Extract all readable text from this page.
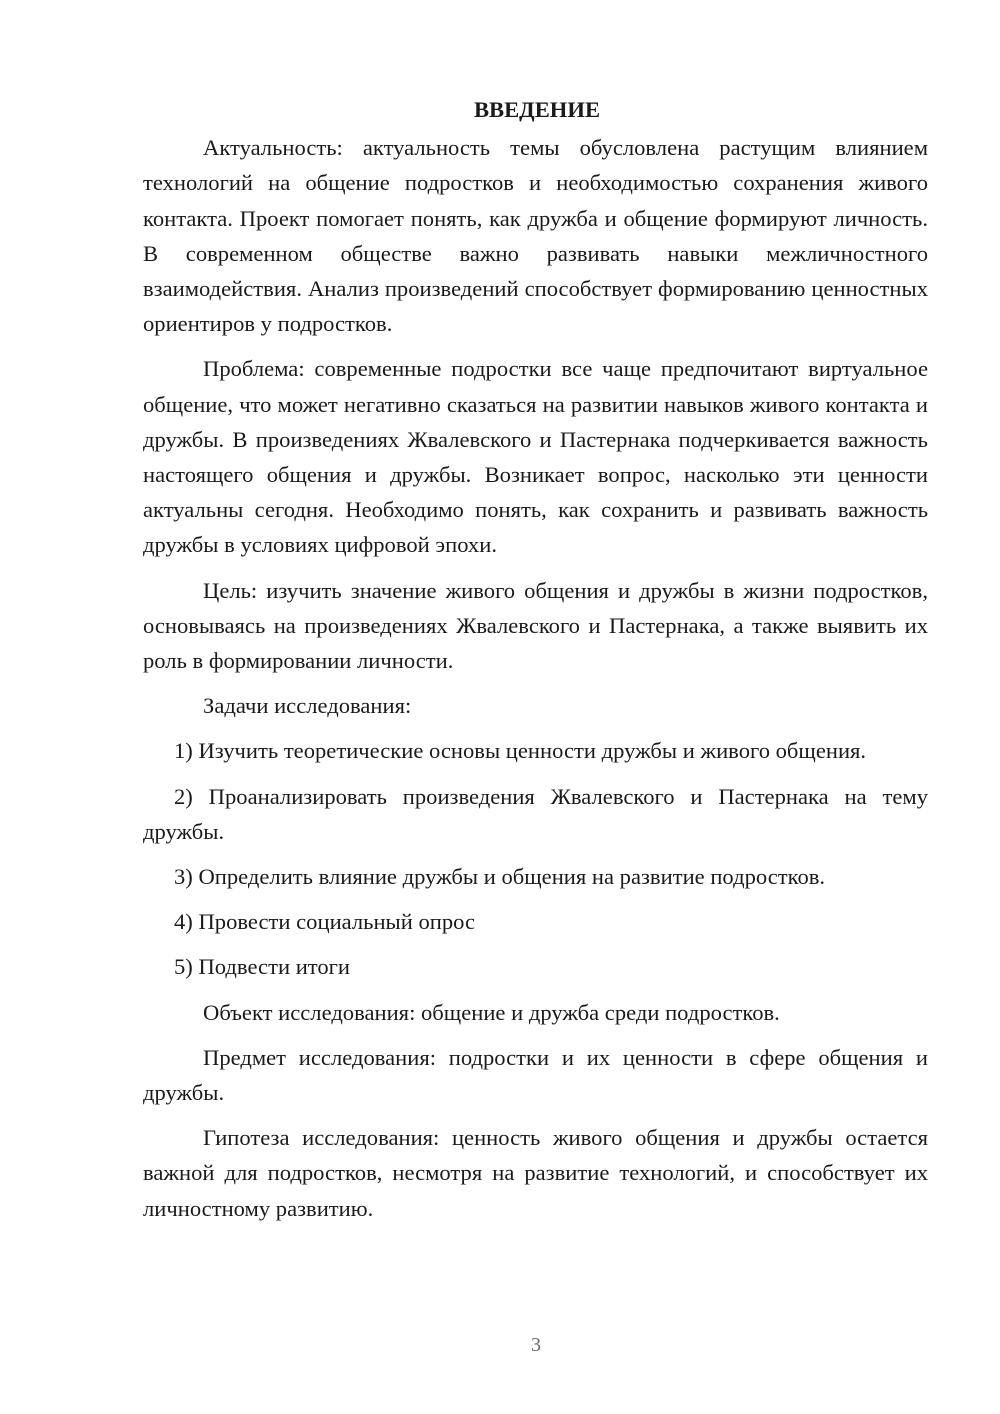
ВВЕДЕНИЕ

Актуальность: актуальность темы обусловлена растущим влиянием технологий на общение подростков и необходимостью сохранения живого контакта. Проект помогает понять, как дружба и общение формируют личность. В современном обществе важно развивать навыки межличностного взаимодействия. Анализ произведений способствует формированию ценностных ориентиров у подростков.

Проблема: современные подростки все чаще предпочитают виртуальное общение, что может негативно сказаться на развитии навыков живого контакта и дружбы. В произведениях Жвалевского и Пастернака подчеркивается важность настоящего общения и дружбы. Возникает вопрос, насколько эти ценности актуальны сегодня. Необходимо понять, как сохранить и развивать важность дружбы в условиях цифровой эпохи.

Цель: изучить значение живого общения и дружбы в жизни подростков, основываясь на произведениях Жвалевского и Пастернака, а также выявить их роль в формировании личности.

Задачи исследования:

1) Изучить теоретические основы ценности дружбы и живого общения.

2) Проанализировать произведения Жвалевского и Пастернака на тему дружбы.

3) Определить влияние дружбы и общения на развитие подростков.

4) Провести социальный опрос

5) Подвести итоги

Объект исследования: общение и дружба среди подростков.

Предмет исследования: подростки и их ценности в сфере общения и дружбы.

Гипотеза исследования: ценность живого общения и дружбы остается важной для подростков, несмотря на развитие технологий, и способствует их личностному развитию.

3
